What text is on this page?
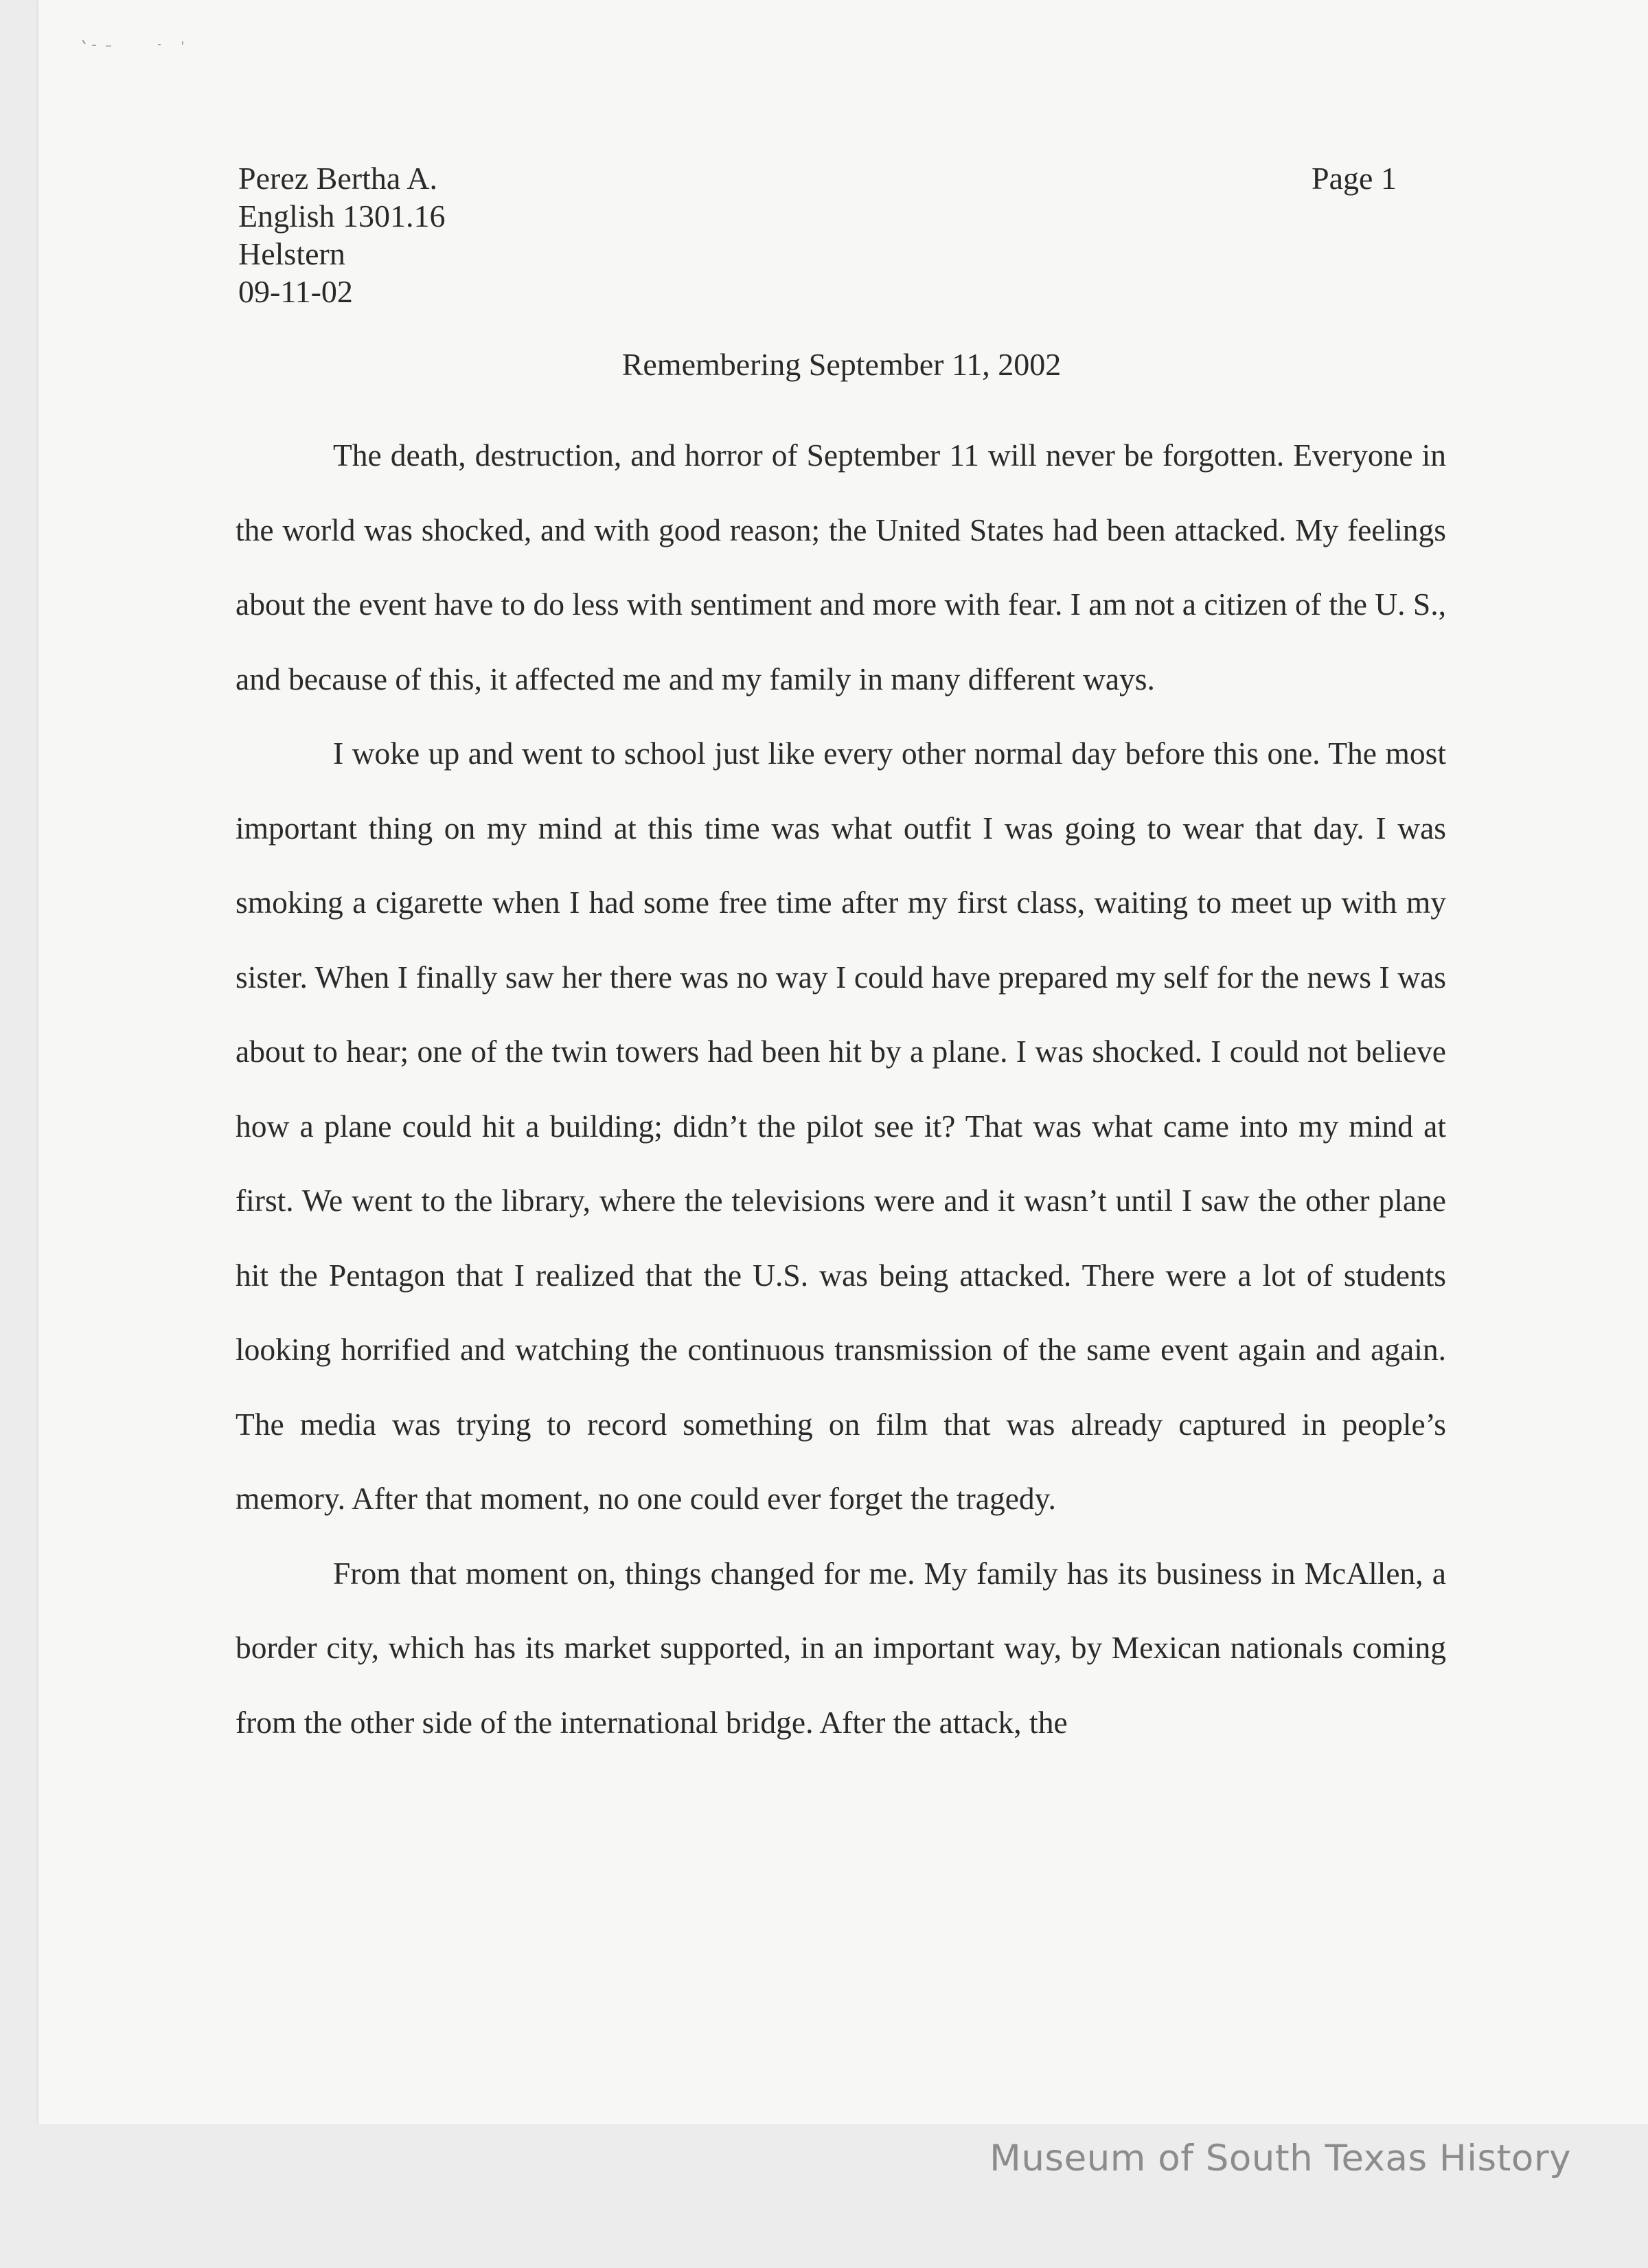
Perez Bertha A.
English 1301.16
Helstern
09-11-02
Page 1
Remembering September 11, 2002

The death, destruction, and horror of September 11 will never be forgotten. Everyone in the world was shocked, and with good reason; the United States had been attacked. My feelings about the event have to do less with sentiment and more with fear. I am not a citizen of the U. S., and because of this, it affected me and my family in many different ways.

I woke up and went to school just like every other normal day before this one. The most important thing on my mind at this time was what outfit I was going to wear that day. I was smoking a cigarette when I had some free time after my first class, waiting to meet up with my sister. When I finally saw her there was no way I could have prepared my self for the news I was about to hear; one of the twin towers had been hit by a plane. I was shocked. I could not believe how a plane could hit a building; didn’t the pilot see it? That was what came into my mind at first. We went to the library, where the televisions were and it wasn’t until I saw the other plane hit the Pentagon that I realized that the U.S. was being attacked. There were a lot of students looking horrified and watching the continuous transmission of the same event again and again. The media was trying to record something on film that was already captured in people’s memory. After that moment, no one could ever forget the tragedy.

From that moment on, things changed for me. My family has its business in McAllen, a border city, which has its market supported, in an important way, by Mexican nationals coming from the other side of the international bridge. After the attack, the

Museum of South Texas History
